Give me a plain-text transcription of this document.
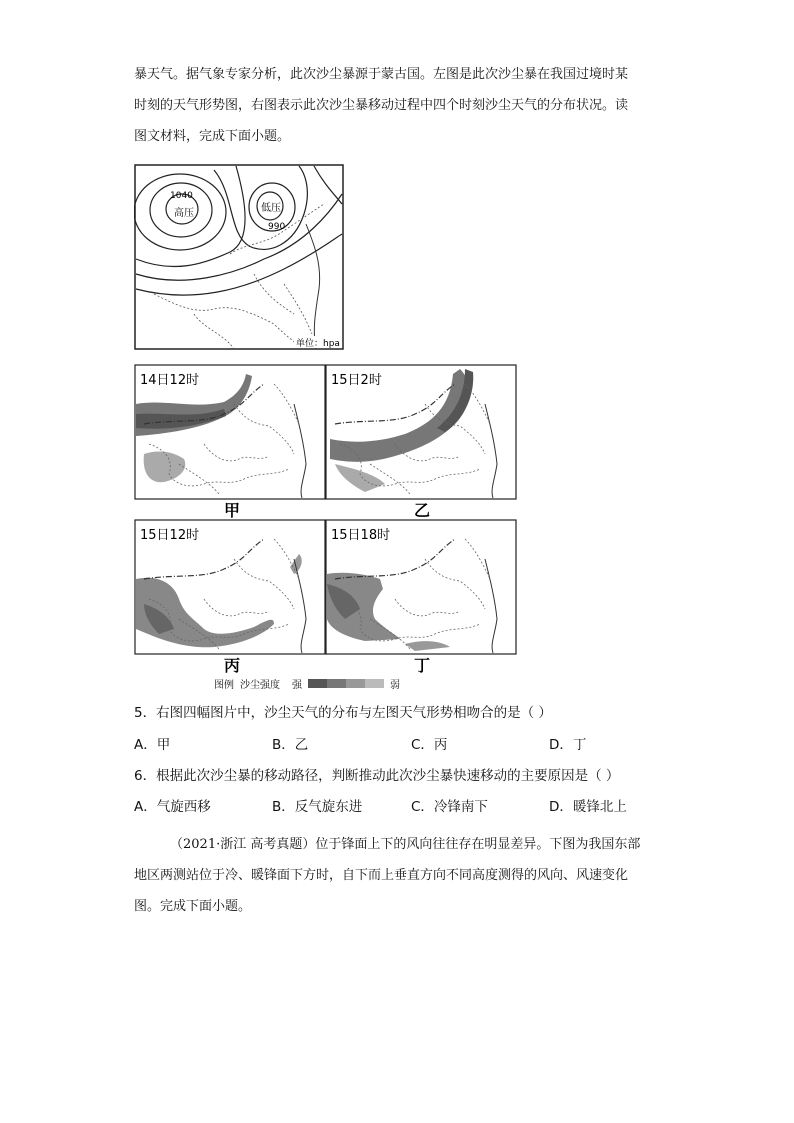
暴天气。据气象专家分析，此次沙尘暴源于蒙古国。左图是此次沙尘暴在我国过境时某

时刻的天气形势图，右图表示此次沙尘暴移动过程中四个时刻沙尘天气的分布状况。读

图文材料，完成下面小题。

1040
高压	低压
990
单位：hpa
14日12时	15日2时
15日12时	15日18时
甲	乙
丙	丁
图例 沙尘强度 强	弱
5．右图四幅图片中，沙尘天气的分布与左图天气形势相吻合的是（ ）
A．甲	B．乙	C．丙	D．丁
6．根据此次沙尘暴的移动路径，判断推动此次沙尘暴快速移动的主要原因是（ ）
A．气旋西移	B．反气旋东进	C．冷锋南下	D．暖锋北上

（2021·浙江 高考真题）位于锋面上下的风向往往存在明显差异。下图为我国东部

地区两测站位于冷、暖锋面下方时，自下而上垂直方向不同高度测得的风向、风速变化

图。完成下面小题。
